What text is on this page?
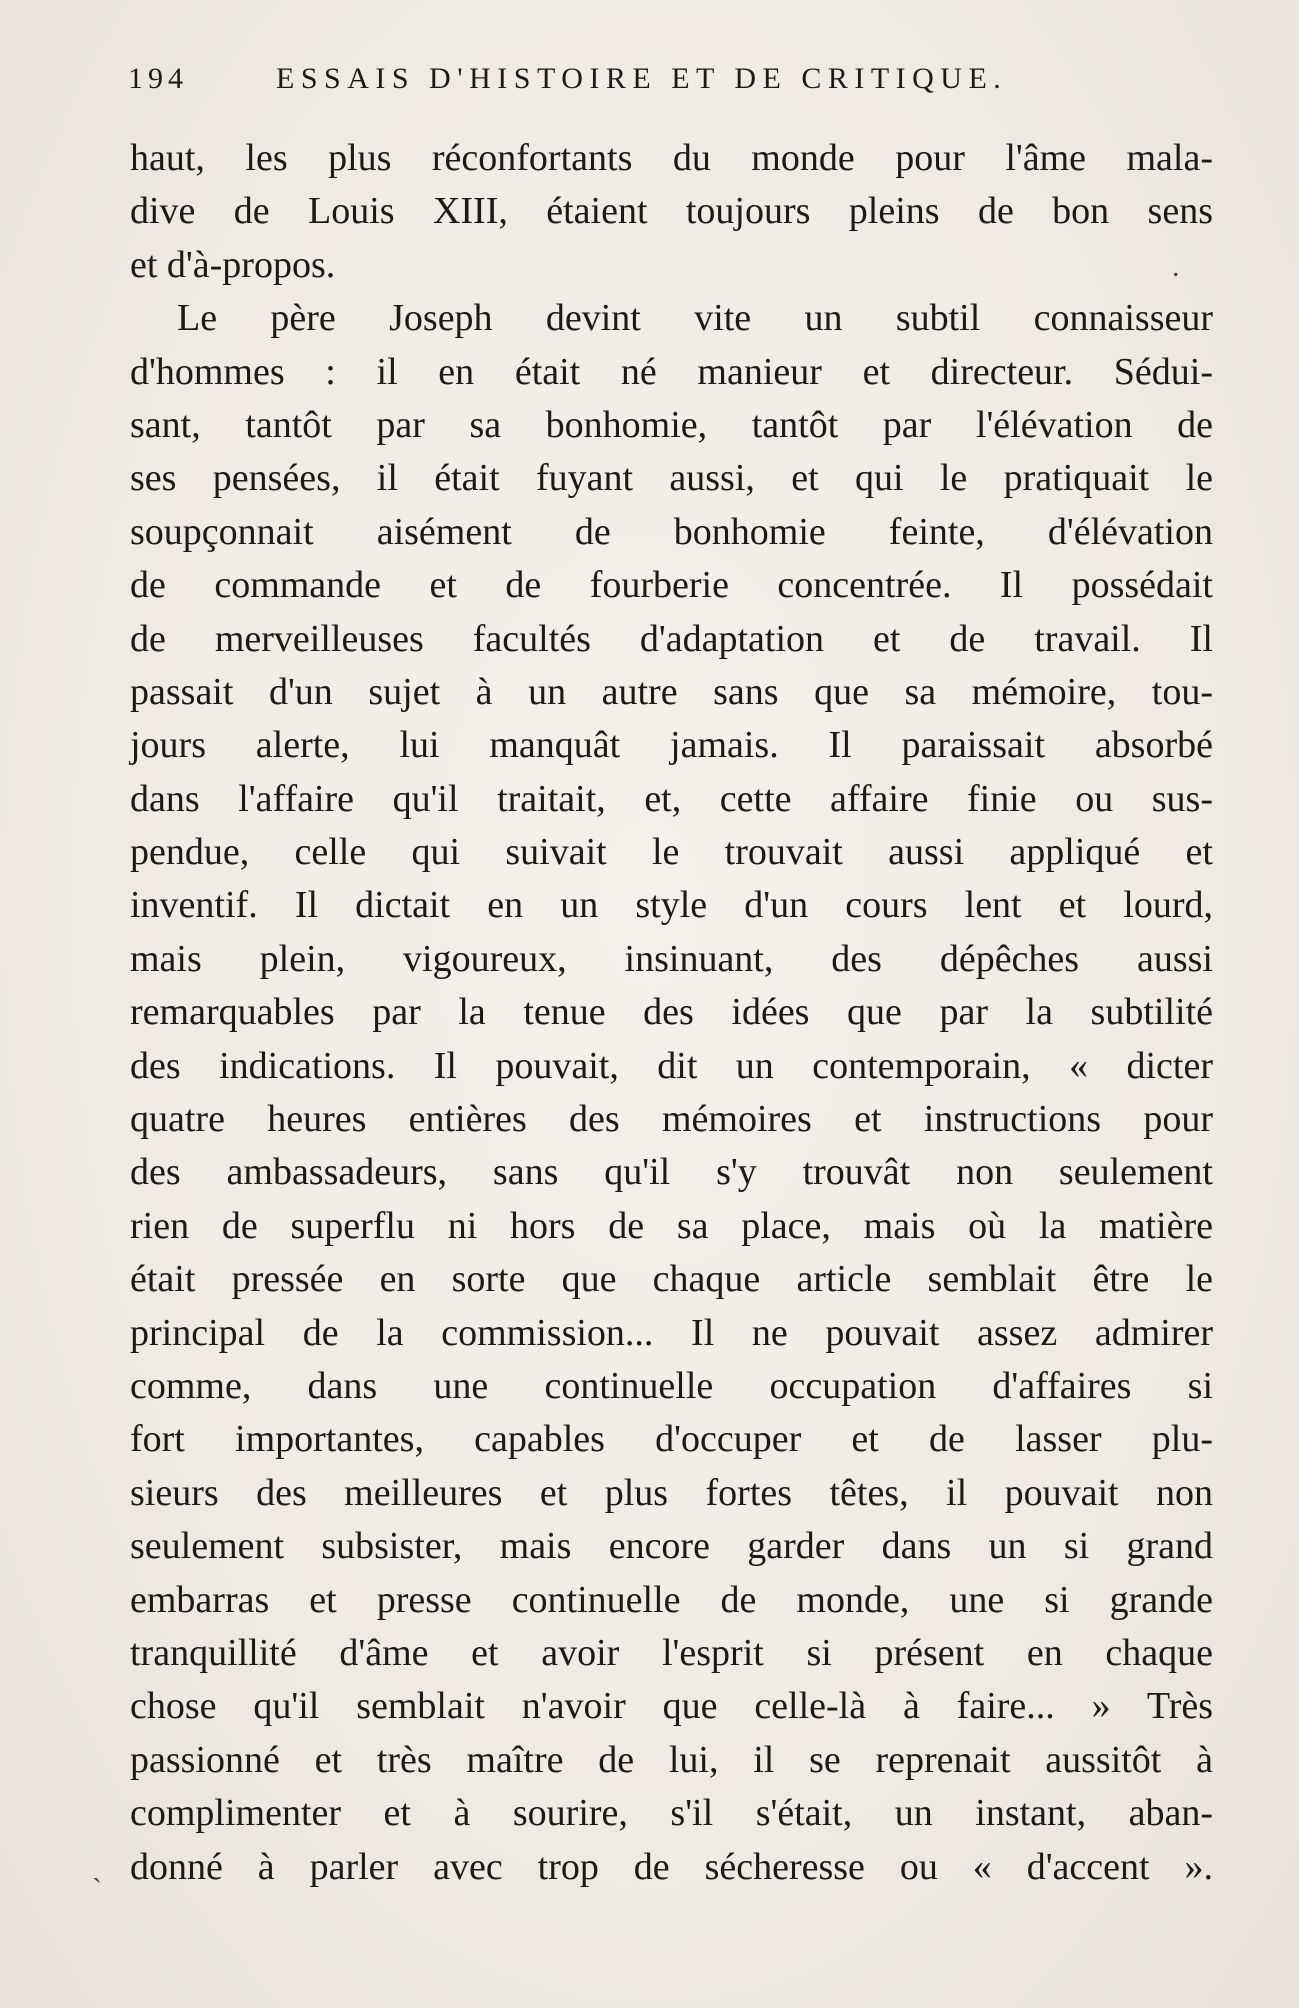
194	ESSAIS D'HISTOIRE ET DE CRITIQUE.
haut, les plus réconfortants du monde pour l'âme mala-
dive de Louis XIII, étaient toujours pleins de bon sens
et d'à-propos.
Le père Joseph devint vite un subtil connaisseur
d'hommes : il en était né manieur et directeur. Sédui-
sant, tantôt par sa bonhomie, tantôt par l'élévation de
ses pensées, il était fuyant aussi, et qui le pratiquait le
soupçonnait aisément de bonhomie feinte, d'élévation
de commande et de fourberie concentrée. Il possédait
de merveilleuses facultés d'adaptation et de travail. Il
passait d'un sujet à un autre sans que sa mémoire, tou-
jours alerte, lui manquât jamais. Il paraissait absorbé
dans l'affaire qu'il traitait, et, cette affaire finie ou sus-
pendue, celle qui suivait le trouvait aussi appliqué et
inventif. Il dictait en un style d'un cours lent et lourd,
mais plein, vigoureux, insinuant, des dépêches aussi
remarquables par la tenue des idées que par la subtilité
des indications. Il pouvait, dit un contemporain, « dicter
quatre heures entières des mémoires et instructions pour
des ambassadeurs, sans qu'il s'y trouvât non seulement
rien de superflu ni hors de sa place, mais où la matière
était pressée en sorte que chaque article semblait être le
principal de la commission... Il ne pouvait assez admirer
comme, dans une continuelle occupation d'affaires si
fort importantes, capables d'occuper et de lasser plu-
sieurs des meilleures et plus fortes têtes, il pouvait non
seulement subsister, mais encore garder dans un si grand
embarras et presse continuelle de monde, une si grande
tranquillité d'âme et avoir l'esprit si présent en chaque
chose qu'il semblait n'avoir que celle-là à faire... » Très
passionné et très maître de lui, il se reprenait aussitôt à
complimenter et à sourire, s'il s'était, un instant, aban-
donné à parler avec trop de sécheresse ou « d'accent ».
.
ˎ
